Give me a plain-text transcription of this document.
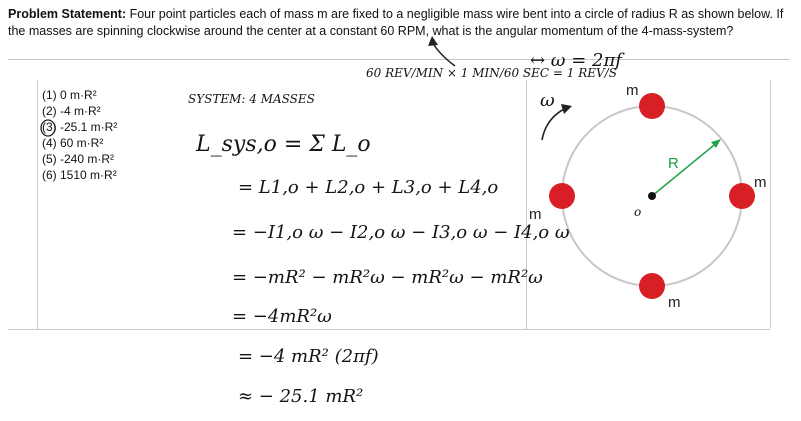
Problem Statement: Four point particles each of mass m are fixed to a negligible mass wire bent into a circle of radius R as shown below. If the masses are spinning clockwise around the center at a constant 60 RPM, what is the angular momentum of the 4-mass-system?
(1) 0 m·R²
(2) -4 m·R²
(3) -25.1 m·R²
(4) 60 m·R²
(5) -240 m·R²
(6) 1510 m·R²
m
m
m
m
R
o
60 REV/MIN × 1 MIN/60 SEC = 1 REV/S
↔ ω = 2πf
ω
SYSTEM: 4 MASSES
L_sys,o = Σ L_o
= L1,o + L2,o + L3,o + L4,o
= −I1,o ω − I2,o ω − I3,o ω − I4,o ω
= −mR² − mR²ω − mR²ω − mR²ω
= −4mR²ω
= −4 mR² (2πf)
≈ − 25.1 mR²
